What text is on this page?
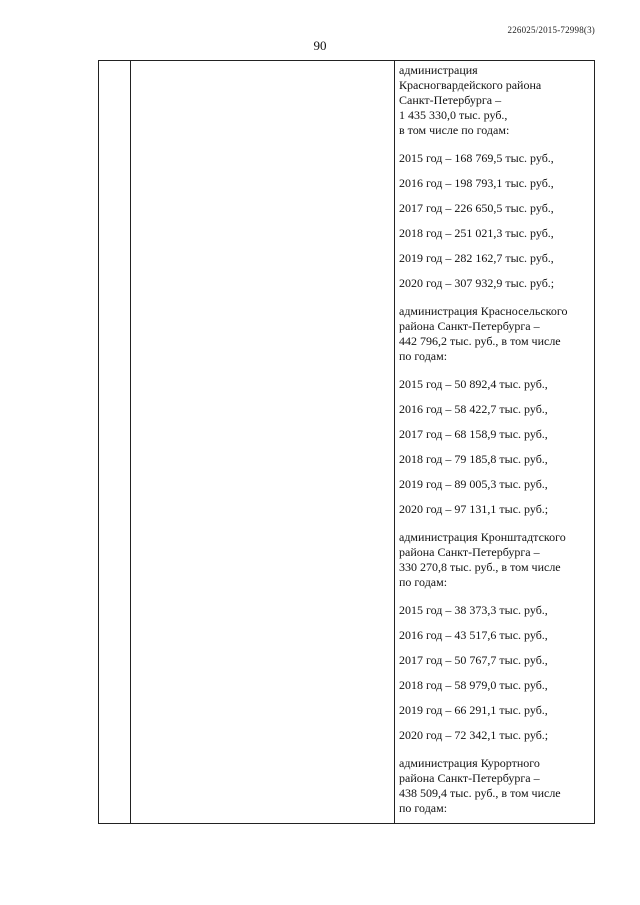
226025/2015-72998(3)
90
администрация
Красногвардейского района
Санкт-Петербурга –
1 435 330,0 тыс. руб.,
в том числе по годам:
2015 год – 168 769,5 тыс. руб.,
2016 год – 198 793,1 тыс. руб.,
2017 год – 226 650,5 тыс. руб.,
2018 год – 251 021,3 тыс. руб.,
2019 год – 282 162,7 тыс. руб.,
2020 год – 307 932,9 тыс. руб.;
администрация Красносельского
района Санкт-Петербурга –
442 796,2 тыс. руб., в том числе
по годам:
2015 год – 50 892,4 тыс. руб.,
2016 год – 58 422,7 тыс. руб.,
2017 год – 68 158,9 тыс. руб.,
2018 год – 79 185,8 тыс. руб.,
2019 год – 89 005,3 тыс. руб.,
2020 год – 97 131,1 тыс. руб.;
администрация Кронштадтского
района Санкт-Петербурга –
330 270,8 тыс. руб., в том числе
по годам:
2015 год – 38 373,3 тыс. руб.,
2016 год – 43 517,6 тыс. руб.,
2017 год – 50 767,7 тыс. руб.,
2018 год – 58 979,0 тыс. руб.,
2019 год – 66 291,1 тыс. руб.,
2020 год – 72 342,1 тыс. руб.;
администрация Курортного
района Санкт-Петербурга –
438 509,4 тыс. руб., в том числе
по годам:
